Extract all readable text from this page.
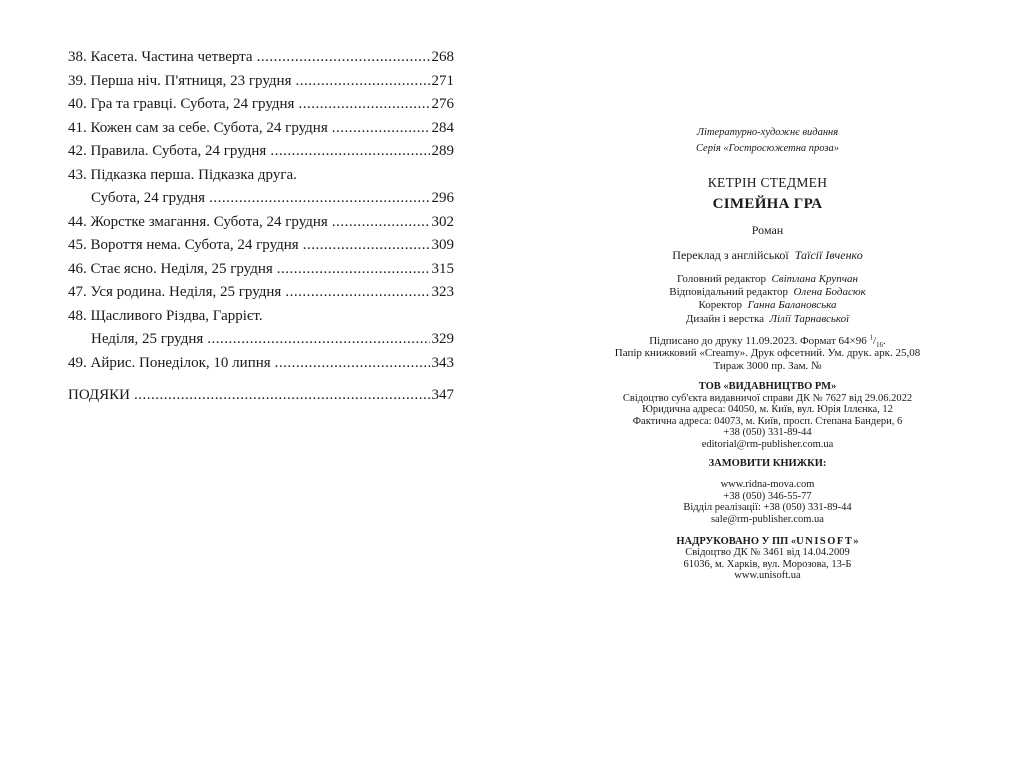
38. Касета. Частина четверта .....	268
39. Перша ніч. П'ятниця, 23 грудня .....	271
40. Гра та гравці. Субота, 24 грудня .....	276
41. Кожен сам за себе. Субота, 24 грудня .....	284
42. Правила. Субота, 24 грудня .....	289
43. Підказка перша. Підказка друга.
Субота, 24 грудня .....	296
44. Жорстке змагання. Субота, 24 грудня .....	302
45. Вороття нема. Субота, 24 грудня .....	309
46. Стає ясно. Неділя, 25 грудня .....	315
47. Уся родина. Неділя, 25 грудня .....	323
48. Щасливого Різдва, Гаррієт.
Неділя, 25 грудня .....	329
49. Айрис. Понеділок, 10 липня .....	343
ПОДЯКИ .....	347
Літературно-художнє видання
Серія «Гостросюжетна проза»
КЕТРІН СТЕДМЕН
СІМЕЙНА ГРА
Роман
Переклад з англійської Таїсії Івченко
Головний редактор Світлана Крупчан
Відповідальний редактор Олена Бодасюк
Коректор Ганна Балановська
Дизайн і верстка Лілії Тарнавської
Підписано до друку 11.09.2023. Формат 64×96 $^1/_{16}$.
Папір книжковий «Creamy». Друк офсетний. Ум. друк. арк. 25,08
Тираж 3000 пр. Зам. №
ТОВ «ВИДАВНИЦТВО РМ»
Свідоцтво суб'єкта видавничої справи ДК № 7627 від 29.06.2022
Юридична адреса: 04050, м. Київ, вул. Юрія Іллєнка, 12
Фактична адреса: 04073, м. Київ, просп. Степана Бандери, 6
+38 (050) 331-89-44
editorial@rm-publisher.com.ua
ЗАМОВИТИ КНИЖКИ:
www.ridna-mova.com
+38 (050) 346-55-77
Відділ реалізації: +38 (050) 331-89-44
sale@rm-publisher.com.ua
НАДРУКОВАНО У ПП «UNISOFT»
Свідоцтво ДК № 3461 від 14.04.2009
61036, м. Харків, вул. Морозова, 13-Б
www.unisoft.ua
